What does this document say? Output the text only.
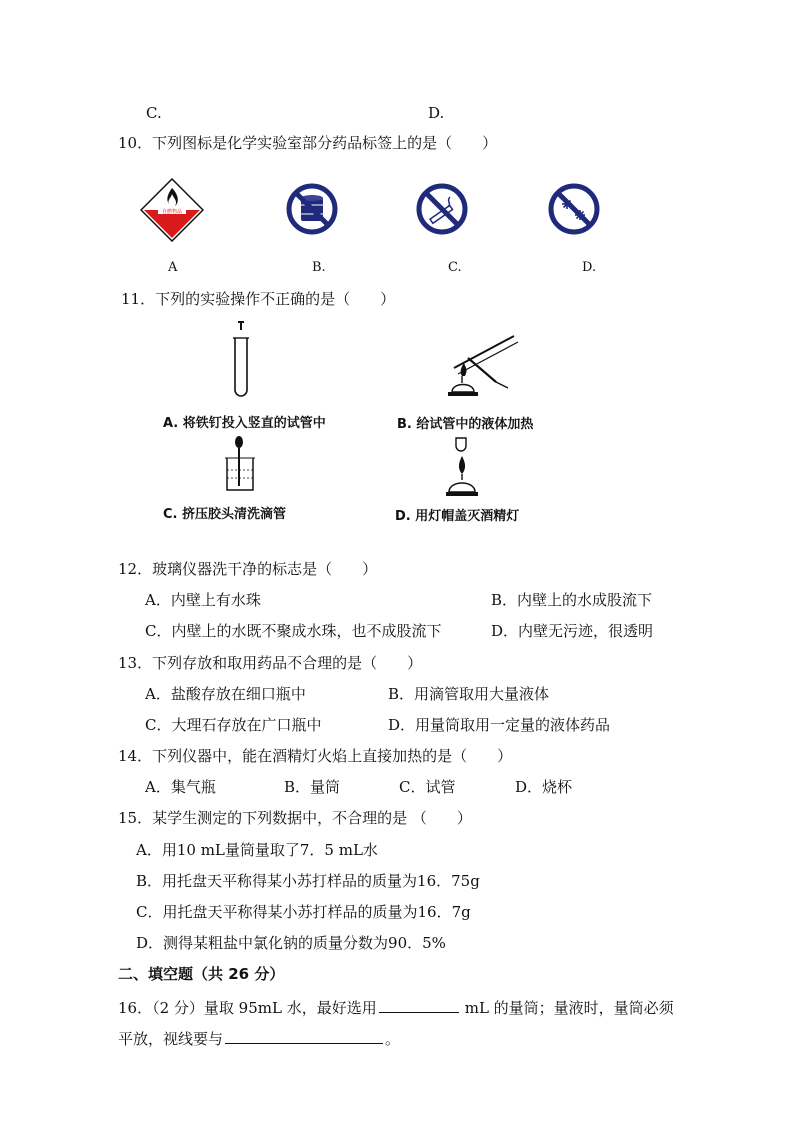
C.	D.
10．下列图标是化学实验室部分药品标签上的是（　　）
自燃物品
A	B.	C.	D.
11．下列的实验操作不正确的是（　　）
A. 将铁钉投入竖直的试管中	B. 给试管中的液体加热
C. 挤压胶头清洗滴管	D. 用灯帽盖灭酒精灯
12．玻璃仪器洗干净的标志是（　　）
A．内壁上有水珠	B．内壁上的水成股流下
C．内壁上的水既不聚成水珠，也不成股流下	D．内壁无污迹，很透明
13．下列存放和取用药品不合理的是（　　）
A．盐酸存放在细口瓶中	B．用滴管取用大量液体
C．大理石存放在广口瓶中	D．用量筒取用一定量的液体药品
14．下列仪器中，能在酒精灯火焰上直接加热的是（　　）
A．集气瓶	B．量筒	C．试管	D．烧杯
15．某学生测定的下列数据中，不合理的是 （　　）
A．用10 mL量筒量取了7．5 mL水
B．用托盘天平称得某小苏打样品的质量为16．75g
C．用托盘天平称得某小苏打样品的质量为16．7g
D．测得某粗盐中氯化钠的质量分数为90．5%
二、填空题（共 26 分）
16．（2 分）量取 95mL 水，最好选用	mL 的量筒；量液时，量筒必须
平放，视线要与	。
